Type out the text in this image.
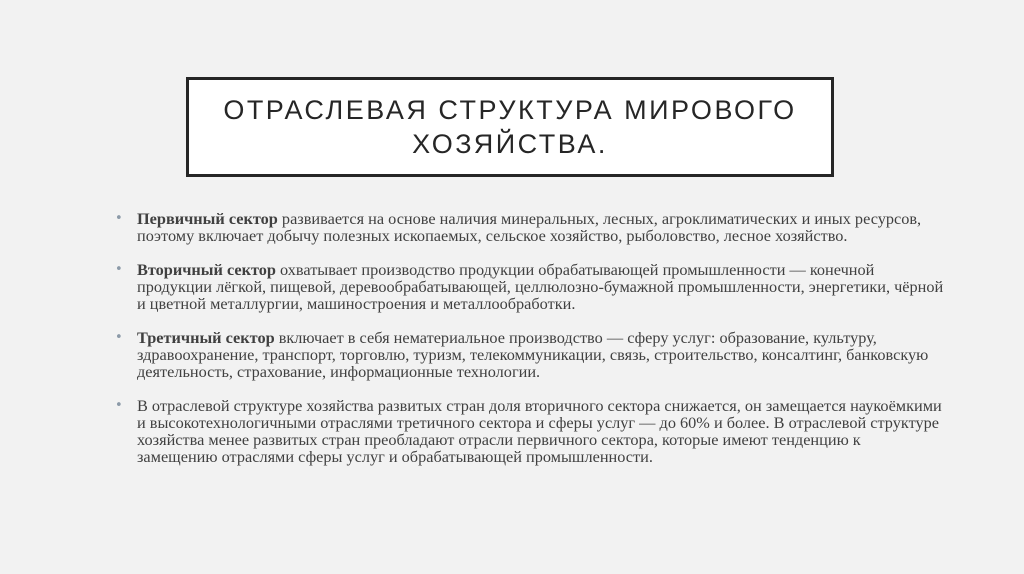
ОТРАСЛЕВАЯ СТРУКТУРА МИРОВОГО
ХОЗЯЙСТВА.
• Первичный сектор развивается на основе наличия минеральных, лесных, агроклиматических и иных ресурсов, поэтому включает добычу полезных ископаемых, сельское хозяйство, рыболовство, лесное хозяйство.
• Вторичный сектор охватывает производство продукции обрабатывающей промышленности — конечной продукции лёгкой, пищевой, деревообрабатывающей, целлюлозно-бумажной промышленности, энергетики, чёрной и цветной металлургии, машиностроения и металлообработки.
• Третичный сектор включает в себя нематериальное производство — сферу услуг: образование, культуру, здравоохранение, транспорт, торговлю, туризм, телекоммуникации, связь, строительство, консалтинг, банковскую деятельность, страхование, информационные технологии.
• В отраслевой структуре хозяйства развитых стран доля вторичного сектора снижается, он замещается наукоёмкими и высокотехнологичными отраслями третичного сектора и сферы услуг — до 60% и более. В отраслевой структуре хозяйства менее развитых стран преобладают отрасли первичного сектора, которые имеют тенденцию к замещению отраслями сферы услуг и обрабатывающей промышленности.
